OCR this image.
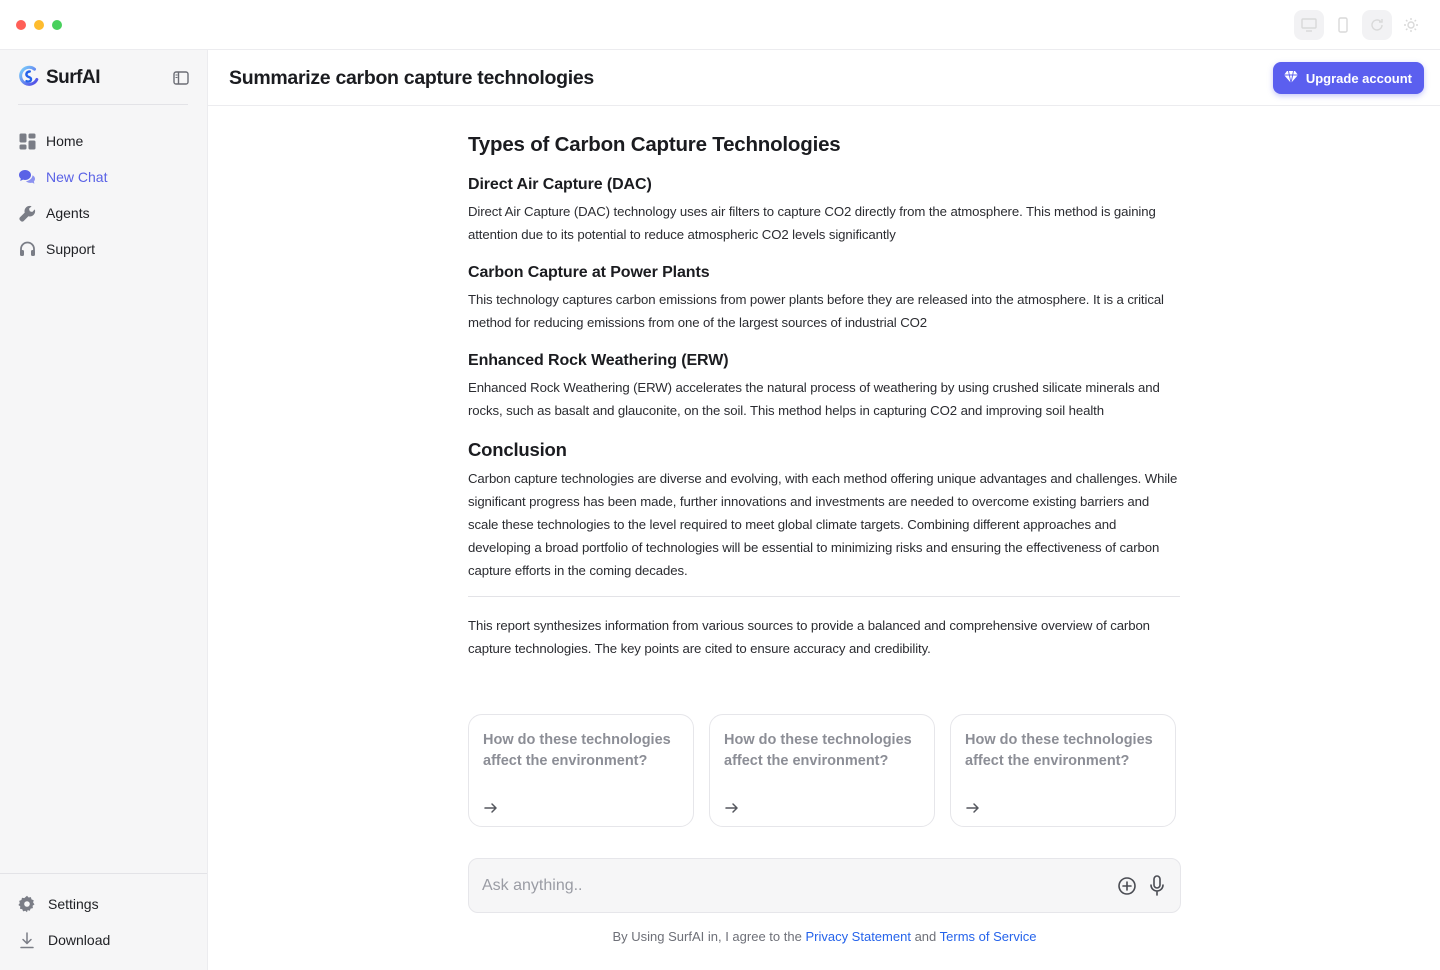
SurfAI
Home
New Chat
Agents
Support
Settings
Download
Summarize carbon capture technologies	Upgrade account
Types of Carbon Capture Technologies
Direct Air Capture (DAC)

Direct Air Capture (DAC) technology uses air filters to capture CO2 directly from the atmosphere. This method is gaining attention due to its potential to reduce atmospheric CO2 levels significantly

Carbon Capture at Power Plants

This technology captures carbon emissions from power plants before they are released into the atmosphere. It is a critical method for reducing emissions from one of the largest sources of industrial CO2

Enhanced Rock Weathering (ERW)

Enhanced Rock Weathering (ERW) accelerates the natural process of weathering by using crushed silicate minerals and rocks, such as basalt and glauconite, on the soil. This method helps in capturing CO2 and improving soil health

Conclusion

Carbon capture technologies are diverse and evolving, with each method offering unique advantages and challenges. While significant progress has been made, further innovations and investments are needed to overcome existing barriers and scale these technologies to the level required to meet global climate targets. Combining different approaches and developing a broad portfolio of technologies will be essential to minimizing risks and ensuring the effectiveness of carbon capture efforts in the coming decades.

This report synthesizes information from various sources to provide a balanced and comprehensive overview of carbon capture technologies. The key points are cited to ensure accuracy and credibility.

How do these technologies affect the environment?
How do these technologies affect the environment?
How do these technologies affect the environment?
Ask anything..
By Using SurfAI in, I agree to the Privacy Statement and Terms of Service
